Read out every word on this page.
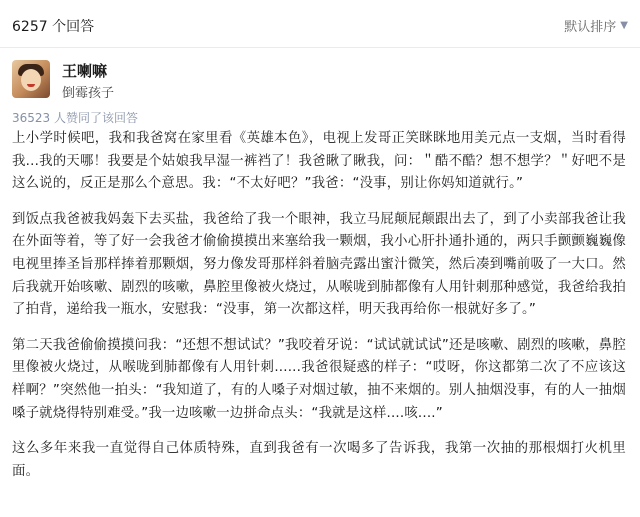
6257 个回答	默认排序 ▼
王喇嘛
倒霉孩子
36523 人赞同了该回答

上小学时候吧，我和我爸窝在家里看《英雄本色》，电视上发哥正笑眯眯地用美元点一支烟，当时看得我...我的天哪！我要是个姑娘我早湿一裤裆了！我爸瞅了瞅我，问：＂酷不酷？想不想学？＂好吧不是这么说的，反正是那么个意思。我：“不太好吧？”我爸：“没事，别让你妈知道就行。”

到饭点我爸被我妈轰下去买盐，我爸给了我一个眼神，我立马屁颠屁颠跟出去了，到了小卖部我爸让我在外面等着，等了好一会我爸才偷偷摸摸出来塞给我一颗烟，我小心肝扑通扑通的，两只手颤颤巍巍像电视里捧圣旨那样捧着那颗烟，努力像发哥那样斜着脑壳露出蜜汁微笑，然后凑到嘴前吸了一大口。然后我就开始咳嗽、剧烈的咳嗽，鼻腔里像被火烧过，从喉咙到肺都像有人用针刺那种感觉，我爸给我拍了拍背，递给我一瓶水，安慰我：“没事，第一次都这样，明天我再给你一根就好多了。”

第二天我爸偷偷摸摸问我：“还想不想试试？”我咬着牙说：“试试就试试”还是咳嗽、剧烈的咳嗽，鼻腔里像被火烧过，从喉咙到肺都像有人用针刺......我爸很疑惑的样子：“哎呀，你这都第二次了不应该这样啊？”突然他一拍头：“我知道了，有的人嗓子对烟过敏，抽不来烟的。别人抽烟没事，有的人一抽烟嗓子就烧得特别难受。”我一边咳嗽一边拼命点头：“我就是这样....咳....”

这么多年来我一直觉得自己体质特殊，直到我爸有一次喝多了告诉我，我第一次抽的那根烟打火机里面。
